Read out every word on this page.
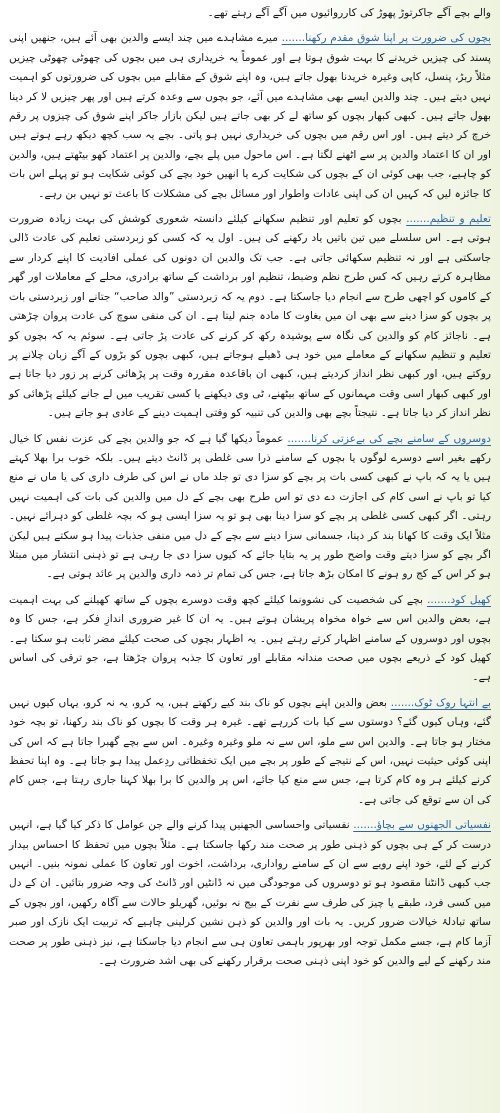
والے بچے آگے جاکرتوڑ پھوڑ کی کارروائیوں میں آگے آگے رہتے تھے۔

بچوں کی ضرورت پر اپنا شوق مقدم رکھنا....... میرے مشاہدے میں چند ایسے والدین بھی آئے ہیں، جنھیں اپنی پسند کی چیزیں خریدنے کا بہت شوق ہوتا ہے اور عموماً یہ خریداری ہی میں بچوں کی چھوٹی چھوٹی چیزیں مثلاً ربڑ، پنسل، کاپی وغیرہ خریدنا بھول جاتے ہیں، وہ اپنے شوق کے مقابلے میں بچوں کی ضرورتوں کو اہمیت نہیں دیتے ہیں۔ چند والدین ایسے بھی مشاہدے میں آئے، جو بچوں سے وعدہ کرتے ہیں اور پھر چیزیں لا کر دینا بھول جاتے ہیں۔ کبھی کبھار بچوں کو ساتھ لے کر بھی جاتے ہیں لیکن بازار جاکر اپنے شوق کی چیزوں پر رقم خرچ کر دیتے ہیں۔ اور اس رقم میں بچوں کی خریداری نہیں ہو پاتی۔ بچے یہ سب کچھ دیکھ رہے ہوتے ہیں اور ان کا اعتماد والدین پر سے اٹھنے لگتا ہے۔ اس ماحول میں پلے بچے، والدین پر اعتماد کھو بیٹھتے ہیں، والدین کو چاہیے، جب بھی کوئی ان کے بچوں کی شکایت کرے یا انھیں خود بچے کی کوئی شکایت ہو تو پہلے اس بات کا جائزہ لیں کہ کہیں ان کی اپنی عادات واطوار اور مسائل بچے کی مشکلات کا باعث تو نہیں بن رہے۔

تعلیم و تنظیم....... بچوں کو تعلیم اور تنظیم سکھانے کیلئے دانستہ شعوری کوشش کی بہت زیادہ ضرورت ہوتی ہے۔ اس سلسلے میں تین باتیں یاد رکھنے کی ہیں۔ اول یہ کہ کسی کو زبردستی تعلیم کی عادت ڈالی جاسکتی ہے اور نہ تنظیم سکھائی جاتی ہے۔ جب تک والدین ان دونوں کی عملی افادیت کا اپنے کردار سے مظاہرہ کرتے رہیں کہ کس طرح نظم وضبط، تنظیم اور برداشت کے ساتھ برادری، محلے کے معاملات اور گھر کے کاموں کو اچھی طرح سے انجام دیا جاسکتا ہے۔ دوم یہ کہ زبردستی ”والد صاحب“ جتانے اور زبردستی بات پر بچوں کو سزا دینے سے بھی ان میں بغاوت کا مادہ جنم لیتا ہے۔ ان کی منفی سوچ کی عادت پروان چڑھتی ہے۔ ناجائز کام کو والدین کی نگاہ سے پوشیدہ رکھ کر کرنے کی عادت پڑ جاتی ہے۔ سوئم یہ کہ بچوں کو تعلیم و تنظیم سکھانے کے معاملے میں خود ہی ڈھیلے ہوجاتے ہیں، کبھی بچوں کو بڑوں کے آگے زبان چلانے پر روکتے ہیں، اور کبھی نظر انداز کردیتے ہیں، کبھی ان باقاعدہ مقررہ وقت پر پڑھائی کرنے پر زور دیا جاتا ہے اور کبھی کبھار اسی وقت مہمانوں کے ساتھ بیٹھنے، ٹی وی دیکھنے یا کسی تقریب میں لے جانے کیلئے پڑھائی کو نظر انداز کر دیا جاتا ہے۔ نتیجتاً بچے بھی والدین کی تنبیہ کو وقتی اہمیت دینے کے عادی ہو جاتے ہیں۔

دوسروں کے سامنے بچے کی بےعزتی کرنا....... عموماً دیکھا گیا ہے کہ جو والدین بچے کی عزت نفس کا خیال رکھے بغیر اسے دوسرے لوگوں یا بچوں کے سامنے ذرا سی غلطی پر ڈانٹ دیتے ہیں۔ بلکہ خوب برا بھلا کہتے ہیں یا یہ کہ باپ نے کبھی کسی بات پر بچے کو سزا دی تو جلد ماں نے اس کی طرف داری کی یا ماں نے منع کیا تو باپ نے اسی کام کی اجازت دے دی تو اس طرح بھی بچے کے دل میں والدین کی بات کی اہمیت نہیں رہتی۔ اگر کبھی کسی غلطی پر بچے کو سزا دینا بھی ہو تو یہ سزا ایسی ہو کہ بچہ غلطی کو دہرائے نہیں۔ مثلاً ایک وقت کا کھانا بند کر دینا، جسمانی سزا دینے سے بچے کے دل میں منفی جذبات پیدا ہو سکتے ہیں لیکن اگر بچے کو سزا دیتے وقت واضح طور پر یہ بتایا جائے کہ کیوں سزا دی جا رہی ہے تو ذہنی انتشار میں مبتلا ہو کر اس کے کج رو ہونے کا امکان بڑھ جاتا ہے، جس کی تمام تر ذمہ داری والدین پر عائد ہوتی ہے۔

کھیل کود....... بچے کی شخصیت کی نشوونما کیلئے کچھ وقت دوسرے بچوں کے ساتھ کھیلنے کی بہت اہمیت ہے، بعض والدین اس سے خواہ مخواہ پریشان ہوتے ہیں۔ یہ ان کا غیر ضروری اندازِ فکر ہے، جس کا وہ بچوں اور دوسروں کے سامنے اظہار کرتے رہتے ہیں۔ یہ اظہار بچوں کی صحت کیلئے مضر ثابت ہو سکتا ہے۔ کھیل کود کے ذریعے بچوں میں صحت مندانہ مقابلے اور تعاون کا جذبہ پروان چڑھتا ہے، جو ترقی کی اساس ہے۔

بے انتہا روک ٹوک....... بعض والدین اپنے بچوں کو ناک بند کیے رکھتے ہیں، یہ کرو، یہ نہ کرو، یہاں کیوں نہیں گئے، وہاں کیوں گئے؟ دوستوں سے کیا بات کررہے تھے۔ غیرہ ہر وقت کا بچوں کو ناک بند رکھنا، تو بچہ خود مختار ہو جاتا ہے۔ والدین اس سے ملو، اس سے نہ ملو وغیرہ وغیرہ۔ اس سے بچے گھبرا جاتا ہے کہ اس کی اپنی کوئی حیثیت نہیں، اس کے نتیجے کے طور پر بچے میں ایک تخفظاتی ردِعمل پیدا ہو جاتا ہے۔ وہ اپنا تحفظ کرنے کیلئے ہر وہ کام کرتا ہے، جس سے منع کیا جائے، اس پر والدین کا برا بھلا کہنا جاری رہتا ہے، جس کام کی ان سے توقع کی جاتی ہے۔

نفسیاتی الجھنوں سے بچاؤ....... نفسیاتی واحساسی الجھنیں پیدا کرنے والے جن عوامل کا ذکر کیا گیا ہے، انہیں درست کر کے ہی بچوں کو ذہنی طور پر صحت مند رکھا جاسکتا ہے۔ مثلاً بچوں میں تحفظ کا احساس بیدار کرنے کے لئے، خود اپنے رویے سے ان کے سامنے رواداری، برداشت، اخوت اور تعاون کا عملی نمونہ بنیں۔ انہیں جب کبھی ڈانٹنا مقصود ہو تو دوسروں کی موجودگی میں نہ ڈانٹیں اور ڈانٹ کی وجہ ضرور بتائیں۔ ان کے دل میں کسی فرد، طبقے یا چیز کی طرف سے نفرت کے بیج نہ بوئیں، گھریلو حالات سے آگاہ رکھیں، اور بچوں کے ساتھ تبادلۂ خیالات ضرور کریں۔ یہ بات اور والدین کو ذہن نشین کرلینی چاہیے کہ تربیت ایک نازک اور صبر آزما کام ہے، جسے مکمل توجہ اور بھرپور باہمی تعاون ہی سے انجام دیا جاسکتا ہے، نیز ذہنی طور پر صحت مند رکھنے کے لیے والدین کو خود اپنی ذہنی صحت برقرار رکھنے کی بھی اشد ضرورت ہے۔
